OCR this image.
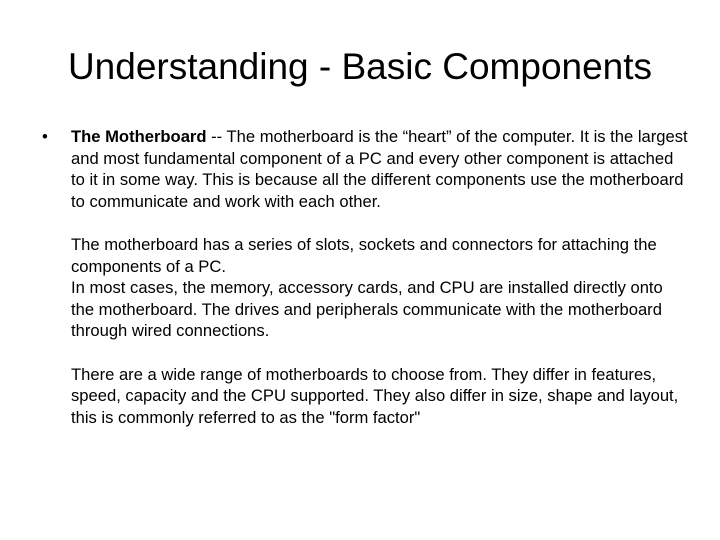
Understanding - Basic Components
• The Motherboard -- The motherboard is the “heart” of the computer. It is the largest and most fundamental component of a PC and every other component is attached to it in some way. This is because all the different components use the motherboard to communicate and work with each other.

The motherboard has a series of slots, sockets and connectors for attaching the components of a PC.
In most cases, the memory, accessory cards, and CPU are installed directly onto the motherboard. The drives and peripherals communicate with the motherboard through wired connections.

There are a wide range of motherboards to choose from. They differ in features, speed, capacity and the CPU supported. They also differ in size, shape and layout, this is commonly referred to as the "form factor"
